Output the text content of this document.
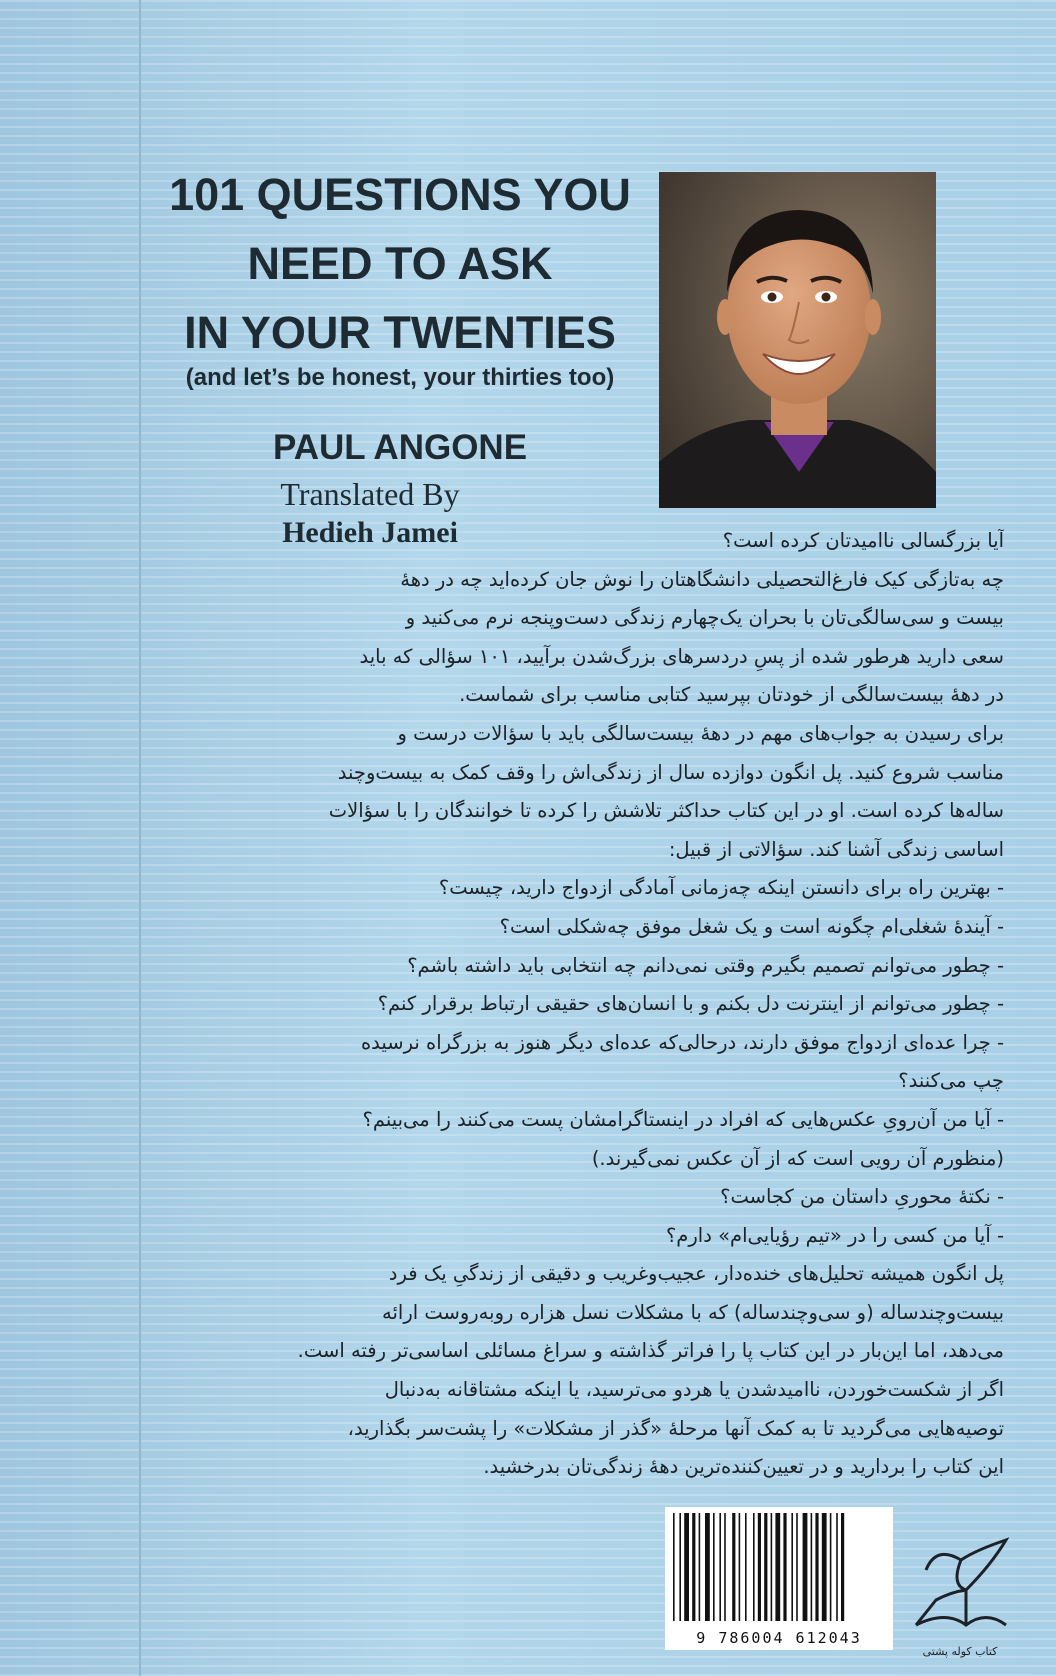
101 QUESTIONS YOU
NEED TO ASK
IN YOUR TWENTIES
(and let’s be honest, your thirties too)
PAUL ANGONE
Translated By
Hedieh Jamei	آیا بزرگسالی ناامیدتان کرده است؟
چه به‌تازگی کیک فارغ‌التحصیلی دانشگاهتان را نوش جان کرده‌اید چه در دهۀ
بیست و سی‌سالگی‌تان با بحران یک‌چهارم زندگی دست‌وپنجه نرم می‌کنید و
سعی دارید هرطور شده از پسِ دردسرهای بزرگ‌شدن برآیید، ۱۰۱ سؤالی که باید
در دهۀ بیست‌سالگی از خودتان بپرسید کتابی مناسب برای شماست.
برای رسیدن به جواب‌های مهم در دهۀ بیست‌سالگی باید با سؤالات درست و
مناسب شروع کنید. پل انگون دوازده سال از زندگی‌اش را وقف کمک به بیست‌وچند
ساله‌ها کرده است. او در این کتاب حداکثر تلاشش را کرده تا خوانندگان را با سؤالات
اساسی زندگی آشنا کند. سؤالاتی از قبیل:
- بهترین راه برای دانستن اینکه چه‌زمانی آمادگی ازدواج دارید، چیست؟
- آیندۀ شغلی‌ام چگونه است و یک شغل موفق چه‌شکلی است؟
- چطور می‌توانم تصمیم بگیرم وقتی نمی‌دانم چه انتخابی باید داشته باشم؟
- چطور می‌توانم از اینترنت دل بکنم و با انسان‌های حقیقی ارتباط برقرار کنم؟
- چرا عده‌ای ازدواج موفق دارند، درحالی‌که عده‌ای دیگر هنوز به بزرگراه نرسیده
چپ می‌کنند؟
- آیا من آن‌رویِ عکس‌هایی که افراد در اینستاگرامشان پست می‌کنند را می‌بینم؟
(منظورم آن رویی است که از آن عکس نمی‌گیرند.)
- نکتۀ محوریِ داستان من کجاست؟
- آیا من کسی را در «تیم رؤیایی‌ام» دارم؟
پل انگون همیشه تحلیل‌های خنده‌دار، عجیب‌وغریب و دقیقی از زندگیِ یک فرد
بیست‌وچندساله (و سی‌وچندساله) که با مشکلات نسل هزاره روبه‌روست ارائه
می‌دهد، اما این‌بار در این کتاب پا را فراتر گذاشته و سراغ مسائلی اساسی‌تر رفته است.
اگر از شکست‌خوردن، ناامیدشدن یا هردو می‌ترسید، یا اینکه مشتاقانه به‌دنبال
توصیه‌هایی می‌گردید تا به کمک آنها مرحلۀ «گذر از مشکلات» را پشت‌سر بگذارید،
این کتاب را بردارید و در تعیین‌کننده‌ترین دهۀ زندگی‌تان بدرخشید.
9 786004 612043
کتاب کوله پشتی
